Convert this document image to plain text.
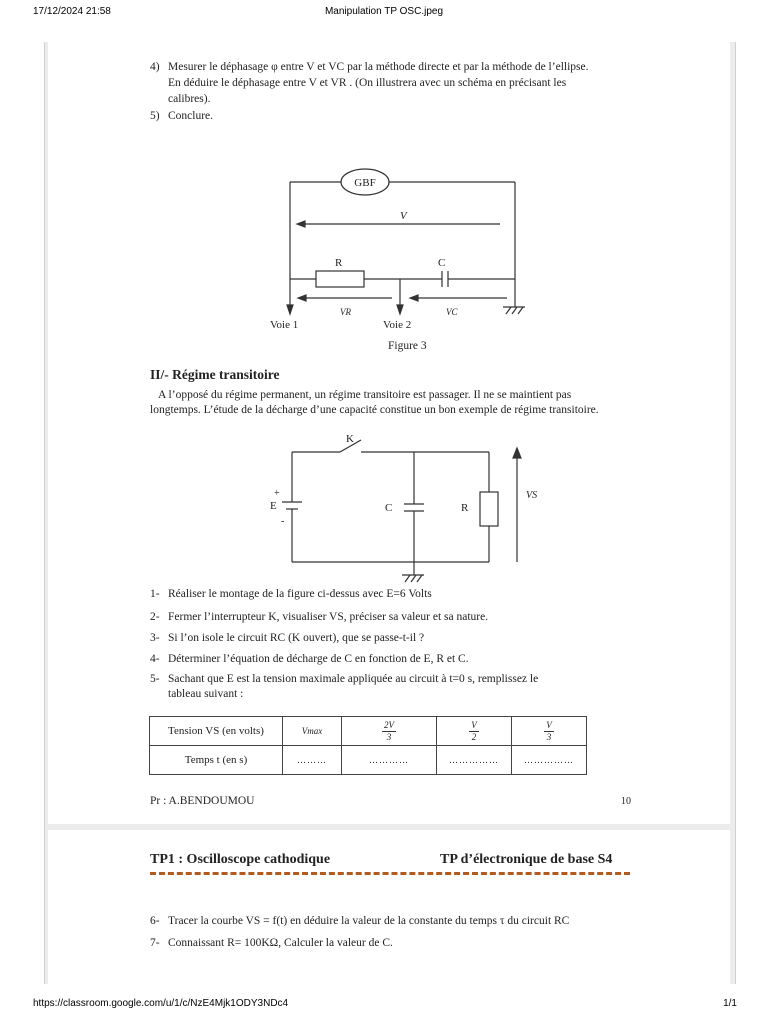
17/12/2024 21:58	Manipulation TP OSC.jpeg
4) Mesurer le déphasage φ entre V et VC par la méthode directe et par la méthode de l’ellipse.
En déduire le déphasage entre V et VR . (On illustrera avec un schéma en précisant les
calibres).
5) Conclure.
GBF
V
R	C
VR	VC
Voie 1	Voie 2
Figure 3
II/- Régime transitoire
A l’opposé du régime permanent, un régime transitoire est passager. Il ne se maintient pas
longtemps. L’étude de la décharge d’une capacité constitue un bon exemple de régime transitoire.
K
+
E
-
C	R
VS
1- Réaliser le montage de la figure ci-dessus avec E=6 Volts
2- Fermer l’interrupteur K, visualiser VS, préciser sa valeur et sa nature.
3- Si l’on isole le circuit RC (K ouvert), que se passe-t-il ?
4- Déterminer l’équation de décharge de C en fonction de E, R et C.
5- Sachant que E est la tension maximale appliquée au circuit à t=0 s, remplissez le
tableau suivant :
Tension VS (en volts)	Vmax	$\frac{2V}{3}$	$\frac{V}{2}$	$\frac{V}{3}$

Temps t (en s)	………	…………	……………	……………
Pr : A.BENDOUMOU	10
TP1 : Oscilloscope cathodique	TP d’électronique de base S4
6- Tracer la courbe VS = f(t) en déduire la valeur de la constante du temps τ du circuit RC
7- Connaissant R= 100KΩ, Calculer la valeur de C.
https://classroom.google.com/u/1/c/NzE4Mjk1ODY3NDc4	1/1
